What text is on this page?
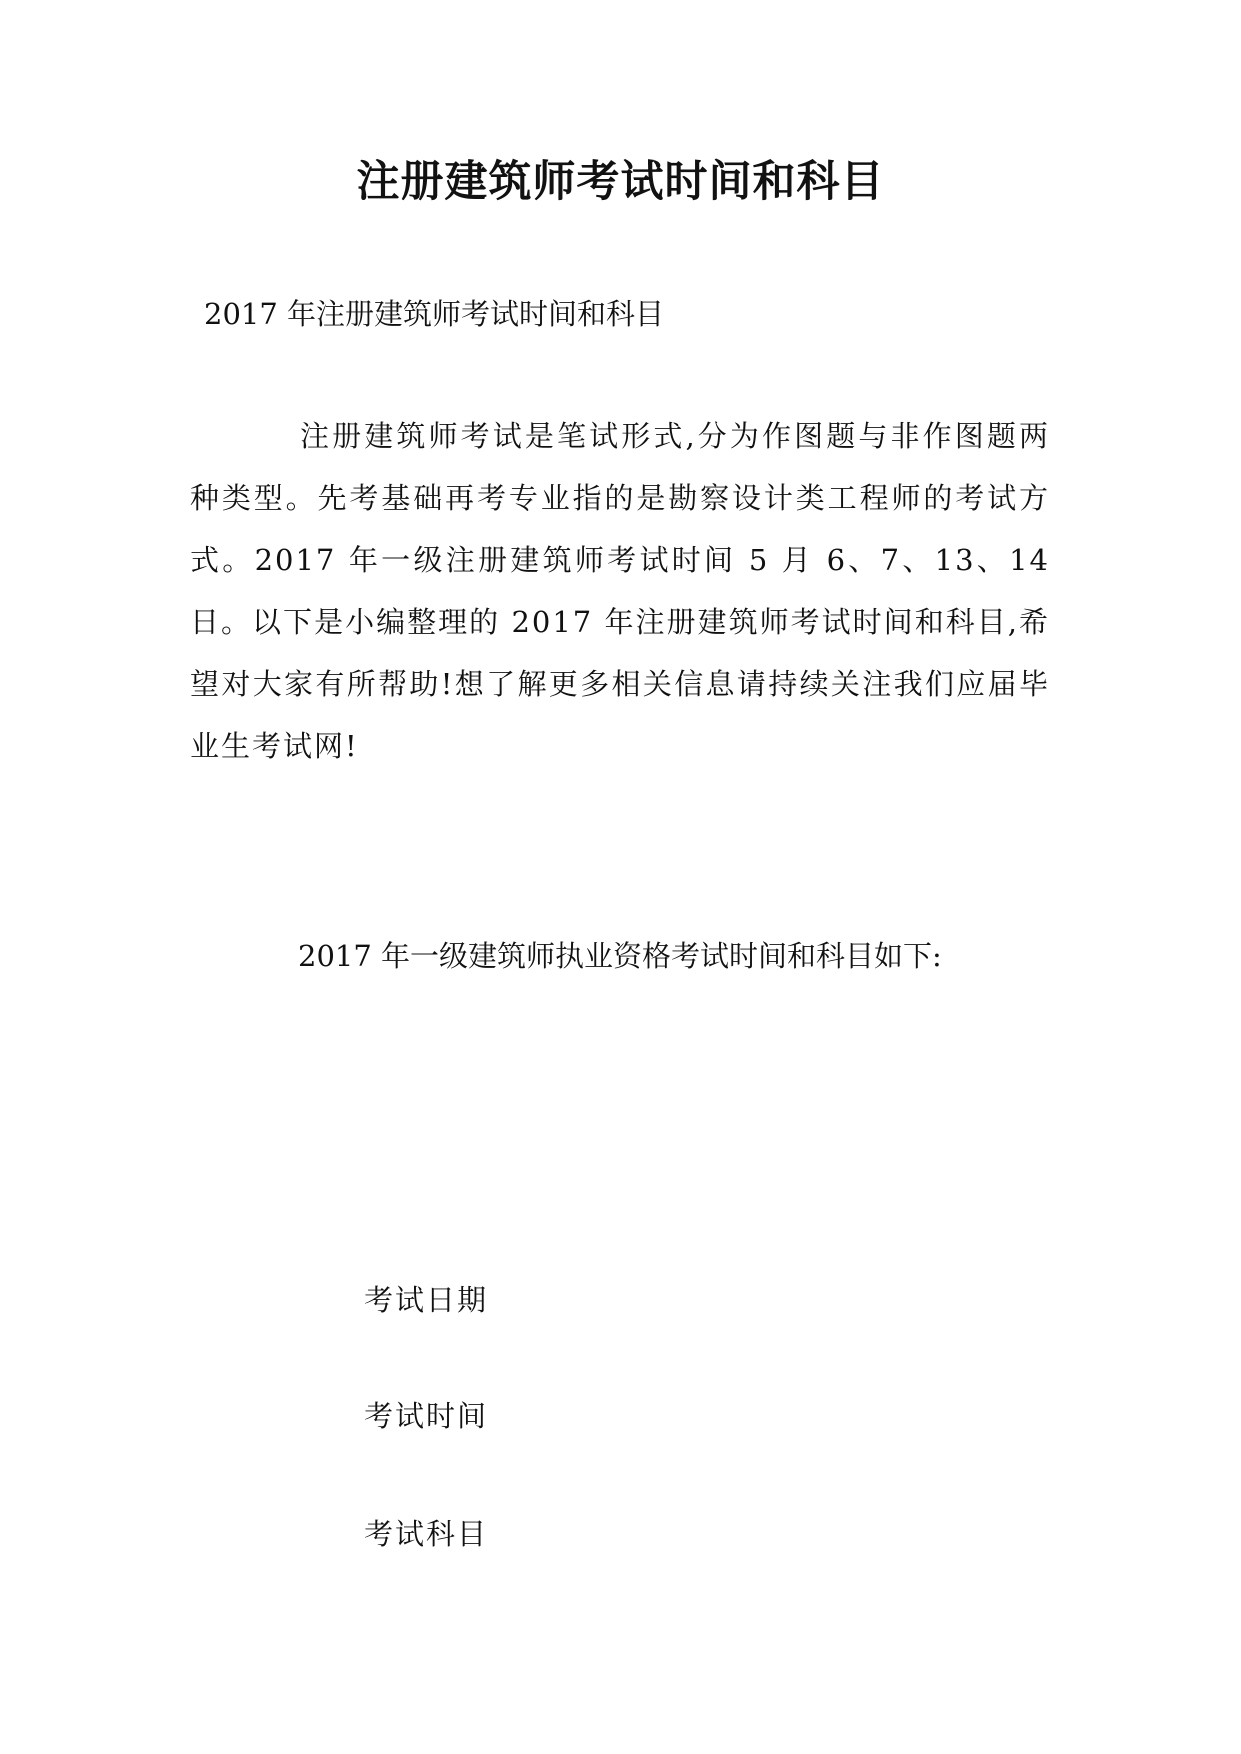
注册建筑师考试时间和科目
2017 年注册建筑师考试时间和科目

注册建筑师考试是笔试形式,分为作图题与非作图题两种类型。先考基础再考专业指的是勘察设计类工程师的考试方式。2017 年一级注册建筑师考试时间 5 月 6、7、13、14 日。以下是小编整理的 2017 年注册建筑师考试时间和科目,希望对大家有所帮助!想了解更多相关信息请持续关注我们应届毕业生考试网!

2017 年一级建筑师执业资格考试时间和科目如下:
考试日期
考试时间
考试科目
